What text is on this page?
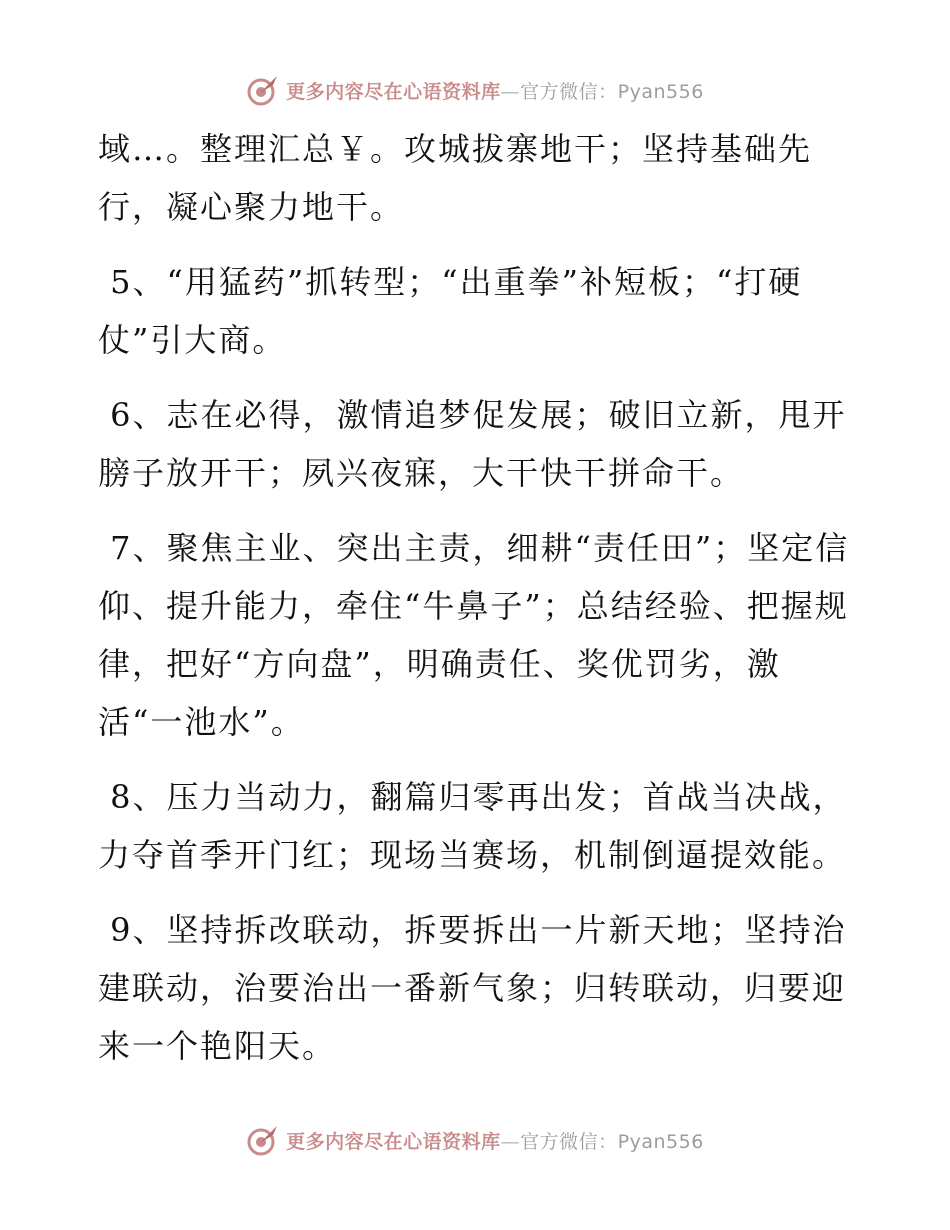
更多内容尽在心语资料库—官方微信：Pyan556

域…。整理汇总￥。攻城拔寨地干；坚持基础先行，凝心聚力地干。

5、“用猛药”抓转型；“出重拳”补短板；“打硬仗”引大商。

6、志在必得，激情追梦促发展；破旧立新，甩开膀子放开干；夙兴夜寐，大干快干拼命干。

7、聚焦主业、突出主责，细耕“责任田”；坚定信仰、提升能力，牵住“牛鼻子”；总结经验、把握规律，把好“方向盘”，明确责任、奖优罚劣，激活“一池水”。

8、压力当动力，翻篇归零再出发；首战当决战，力夺首季开门红；现场当赛场，机制倒逼提效能。

9、坚持拆改联动，拆要拆出一片新天地；坚持治建联动，治要治出一番新气象；归转联动，归要迎来一个艳阳天。

更多内容尽在心语资料库—官方微信：Pyan556
